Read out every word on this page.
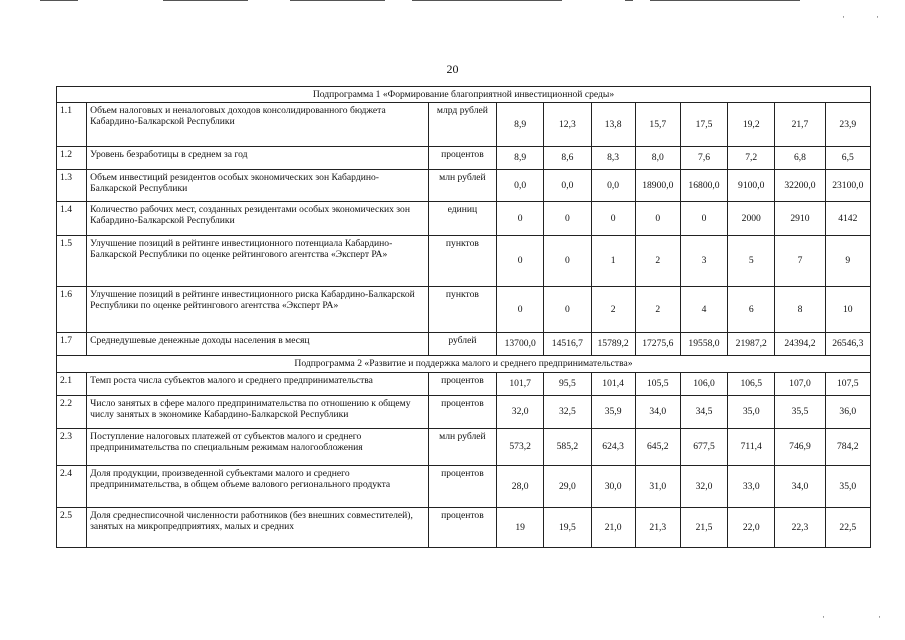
·	·
·	·
20
Подпрограмма 1 «Формирование благоприятной инвестиционной среды»										
1.1	Объем налоговых и неналоговых доходов консолидированного бюджета Кабардино-Балкарской Республики	млрд рублей	8,9	12,3	13,8	15,7	17,5	19,2	21,7	23,9
1.2	Уровень безработицы в среднем за год	процентов	8,9	8,6	8,3	8,0	7,6	7,2	6,8	6,5
1.3	Объем инвестиций резидентов особых экономических зон Кабардино-Балкарской Республики	млн рублей	0,0	0,0	0,0	18900,0	16800,0	9100,0	32200,0	23100,0
1.4	Количество рабочих мест, созданных резидентами особых экономических зон Кабардино-Балкарской Республики	единиц	0	0	0	0	0	2000	2910	4142
1.5	Улучшение позиций в рейтинге инвестиционного потенциала Кабардино-Балкарской Республики по оценке рейтингового агентства «Эксперт РА»	пунктов	0	0	1	2	3	5	7	9
1.6	Улучшение позиций в рейтинге инвестиционного риска Кабардино-Балкарской Республики по оценке рейтингового агентства «Эксперт РА»	пунктов	0	0	2	2	4	6	8	10
1.7	Среднедушевые денежные доходы населения в месяц	рублей	13700,0	14516,7	15789,2	17275,6	19558,0	21987,2	24394,2	26546,3
Подпрограмма 2 «Развитие и поддержка малого и среднего предпринимательства»										
2.1	Темп роста числа субъектов малого и среднего предпринимательства	процентов	101,7	95,5	101,4	105,5	106,0	106,5	107,0	107,5
2.2	Число занятых в сфере малого предпринимательства по отношению к общему числу занятых в экономике Кабардино-Балкарской Республики	процентов	32,0	32,5	35,9	34,0	34,5	35,0	35,5	36,0
2.3	Поступление налоговых платежей от субъектов малого и среднего предпринимательства по специальным режимам налогообложения	млн рублей	573,2	585,2	624,3	645,2	677,5	711,4	746,9	784,2
2.4	Доля продукции, произведенной субъектами малого и среднего предпринимательства, в общем объеме валового регионального продукта	процентов	28,0	29,0	30,0	31,0	32,0	33,0	34,0	35,0
2.5	Доля среднесписочной численности работников (без внешних совместителей), занятых на микропредприятиях, малых и средних	процентов	19	19,5	21,0	21,3	21,5	22,0	22,3	22,5
